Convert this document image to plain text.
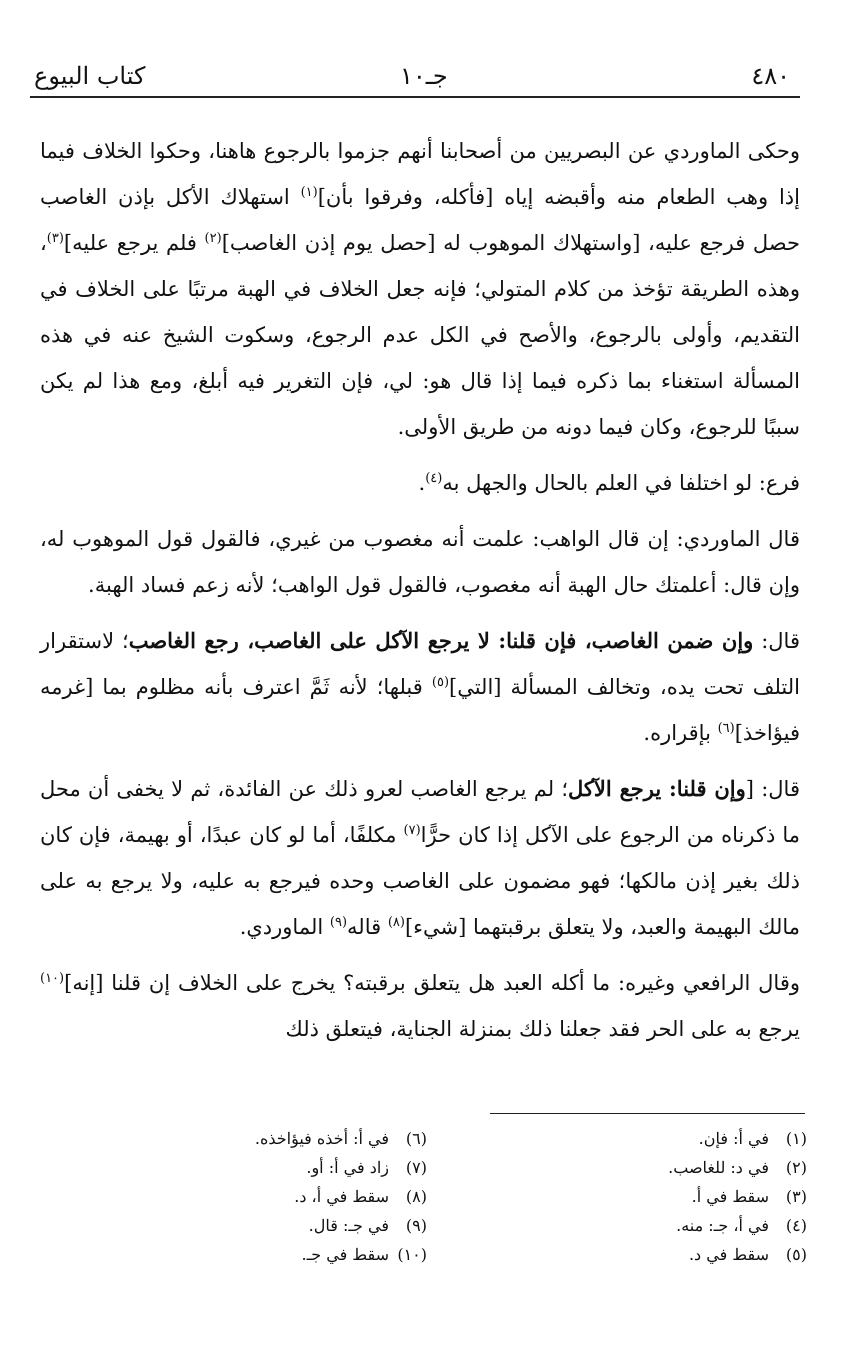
كتاب البيوع	جـ١٠	٤٨٠

وحكى الماوردي عن البصريين من أصحابنا أنهم جزموا بالرجوع هاهنا، وحكوا الخلاف فيما إذا وهب الطعام منه وأقبضه إياه [فأكله، وفرقوا بأن]$^{(١)}$ استهلاك الأكل بإذن الغاصب حصل فرجع عليه، [واستهلاك الموهوب له [حصل يوم إذن الغاصب]$^{(٢)}$ فلم يرجع عليه]$^{(٣)}$، وهذه الطريقة تؤخذ من كلام المتولي؛ فإنه جعل الخلاف في الهبة مرتبًا على الخلاف في التقديم، وأولى بالرجوع، والأصح في الكل عدم الرجوع، وسكوت الشيخ عنه في هذه المسألة استغناء بما ذكره فيما إذا قال هو: لي، فإن التغرير فيه أبلغ، ومع هذا لم يكن سببًا للرجوع، وكان فيما دونه من طريق الأولى.

فرع: لو اختلفا في العلم بالحال والجهل به$^{(٤)}$.

قال الماوردي: إن قال الواهب: علمت أنه مغصوب من غيري، فالقول قول الموهوب له، وإن قال: أعلمتك حال الهبة أنه مغصوب، فالقول قول الواهب؛ لأنه زعم فساد الهبة.

قال: وإن ضمن الغاصب، فإن قلنا: لا يرجع الآكل على الغاصب، رجع الغاصب؛ لاستقرار التلف تحت يده، وتخالف المسألة [التي]$^{(٥)}$ قبلها؛ لأنه ثَمَّ اعترف بأنه مظلوم بما [غرمه فيؤاخذ]$^{(٦)}$ بإقراره.

قال: [وإن قلنا: يرجع الآكل؛ لم يرجع الغاصب لعرو ذلك عن الفائدة، ثم لا يخفى أن محل ما ذكرناه من الرجوع على الآكل إذا كان حرًّا$^{(٧)}$ مكلفًا، أما لو كان عبدًا، أو بهيمة، فإن كان ذلك بغير إذن مالكها؛ فهو مضمون على الغاصب وحده فيرجع به عليه، ولا يرجع به على مالك البهيمة والعبد، ولا يتعلق برقبتهما [شيء]$^{(٨)}$ قاله$^{(٩)}$ الماوردي.

وقال الرافعي وغيره: ما أكله العبد هل يتعلق برقبته؟ يخرج على الخلاف إن قلنا [إنه]$^{(١٠)}$ يرجع به على الحر فقد جعلنا ذلك بمنزلة الجناية، فيتعلق ذلك

(١)في أ: فإن.
(٢)في د: للغاصب.
(٣)سقط في أ.
(٤)في أ، جـ: منه.
(٥)سقط في د.
(٦)في أ: أخذه فيؤاخذه.
(٧)زاد في أ: أو.
(٨)سقط في أ، د.
(٩)في جـ: قال.
(١٠)سقط في جـ.
